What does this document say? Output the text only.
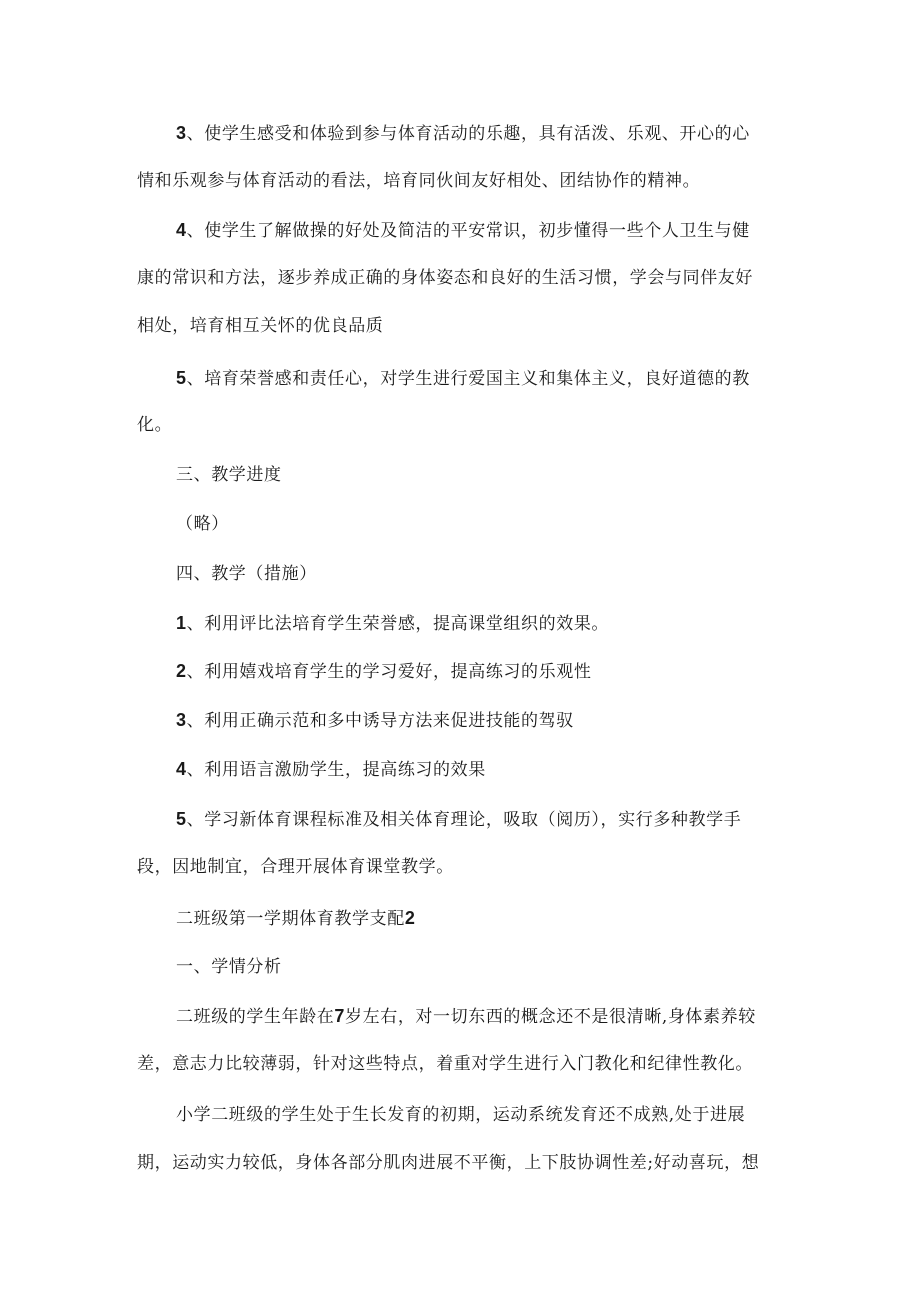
3、使学生感受和体验到参与体育活动的乐趣，具有活泼、乐观、开心的心
情和乐观参与体育活动的看法，培育同伙间友好相处、团结协作的精神。
4、使学生了解做操的好处及简洁的平安常识，初步懂得一些个人卫生与健
康的常识和方法，逐步养成正确的身体姿态和良好的生活习惯，学会与同伴友好
相处，培育相互关怀的优良品质
5、培育荣誉感和责任心，对学生进行爱国主义和集体主义，良好道德的教
化。
三、教学进度
（略）
四、教学（措施）
1、利用评比法培育学生荣誉感，提高课堂组织的效果。
2、利用嬉戏培育学生的学习爱好，提高练习的乐观性
3、利用正确示范和多中诱导方法来促进技能的驾驭
4、利用语言激励学生，提高练习的效果
5、学习新体育课程标准及相关体育理论，吸取（阅历），实行多种教学手
段，因地制宜，合理开展体育课堂教学。
二班级第一学期体育教学支配2
一、学情分析
二班级的学生年龄在7岁左右，对一切东西的概念还不是很清晰,身体素养较
差，意志力比较薄弱，针对这些特点，着重对学生进行入门教化和纪律性教化。
小学二班级的学生处于生长发育的初期，运动系统发育还不成熟,处于进展
期，运动实力较低，身体各部分肌肉进展不平衡，上下肢协调性差;好动喜玩，想
